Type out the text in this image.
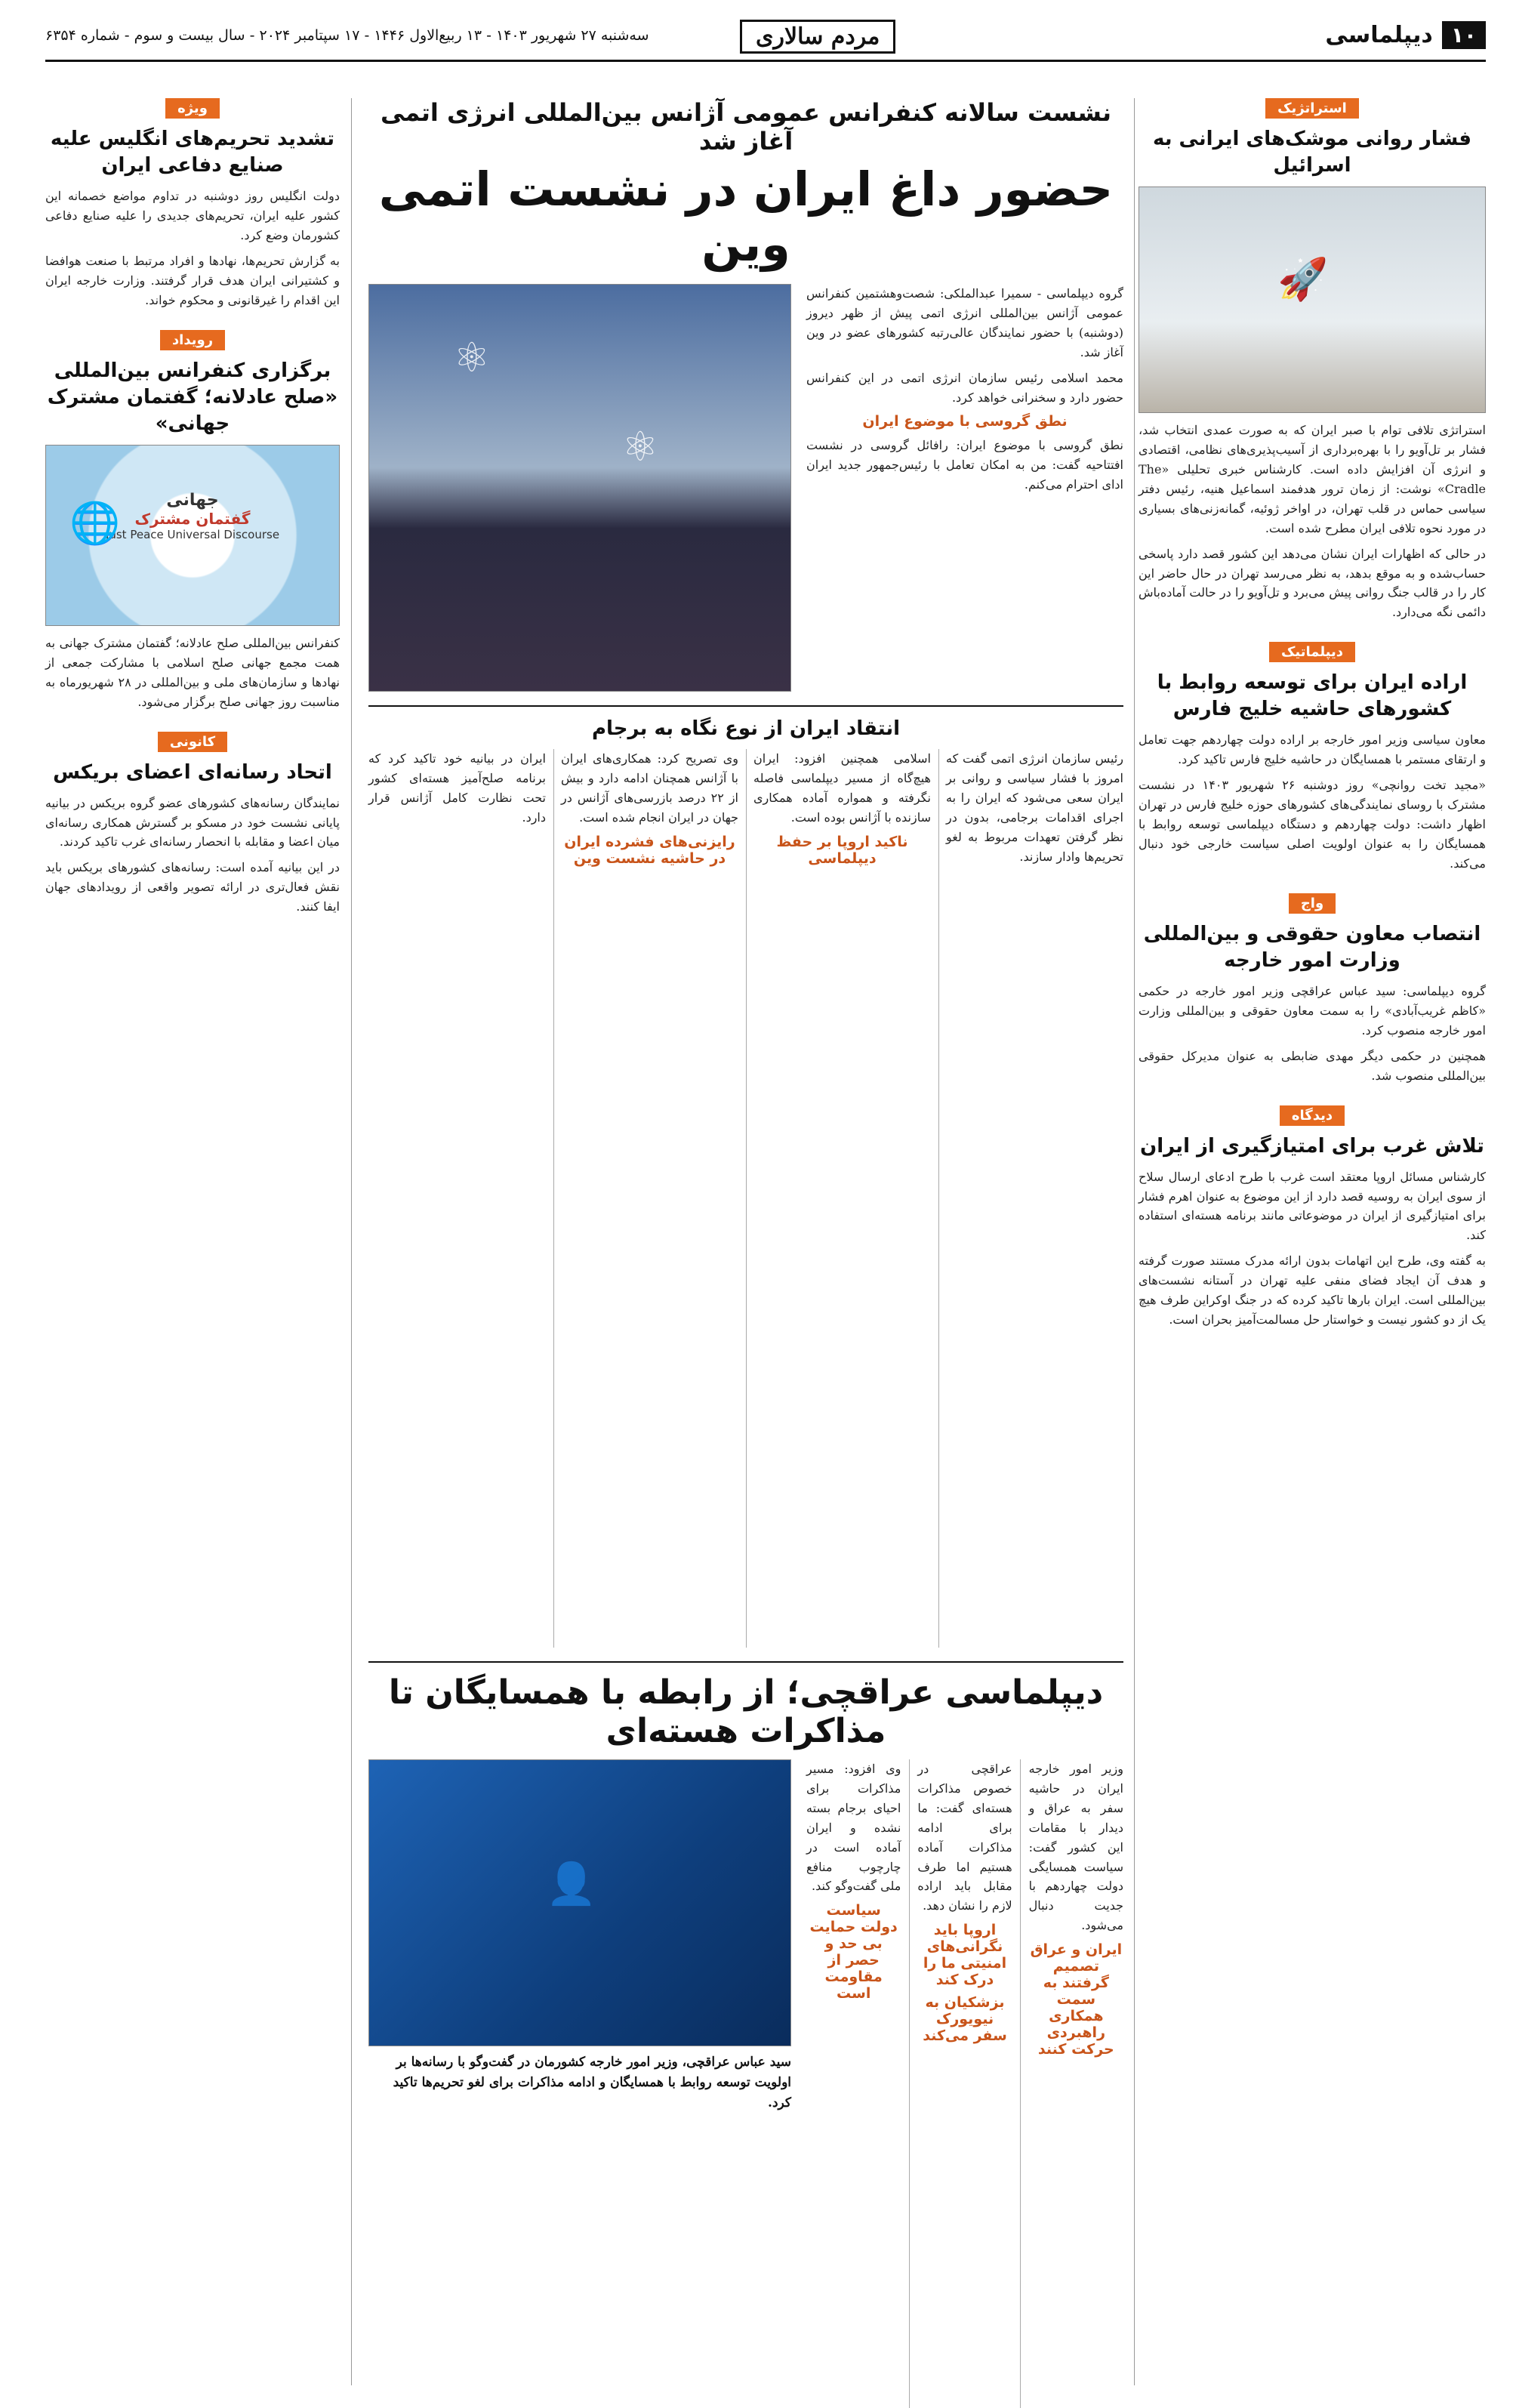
۱۰
دیپلماسی
مردم سالاری
سه‌شنبه ۲۷ شهریور ۱۴۰۳ - ۱۳ ربیع‌الاول ۱۴۴۶ - ۱۷ سپتامبر ۲۰۲۴ - سال بیست و سوم - شماره ۶۳۵۴
استراتژیک
فشار روانی موشک‌های ایرانی به اسرائیل
🚀

استراتژی تلافی توام با صبر ایران که به صورت عمدی انتخاب شد، فشار بر تل‌آویو را با بهره‌برداری از آسیب‌پذیری‌های نظامی، اقتصادی و انرژی آن افزایش داده است. کارشناس خبری تحلیلی «The Cradle» نوشت: از زمان ترور هدفمند اسماعیل هنیه، رئیس دفتر سیاسی حماس در قلب تهران، در اواخر ژوئیه، گمانه‌زنی‌های بسیاری در مورد نحوه تلافی ایران مطرح شده است.

در حالی که اظهارات ایران نشان می‌دهد این کشور قصد دارد پاسخی حساب‌شده و به موقع بدهد، به نظر می‌رسد تهران در حال حاضر این کار را در قالب جنگ روانی پیش می‌برد و تل‌آویو را در حالت آماده‌باش دائمی نگه می‌دارد.

دیپلماتیک
اراده ایران برای توسعه روابط با کشورهای حاشیه خلیج فارس

معاون سیاسی وزیر امور خارجه بر اراده دولت چهاردهم جهت تعامل و ارتقای مستمر با همسایگان در حاشیه خلیج فارس تاکید کرد.

«مجید تخت روانچی» روز دوشنبه ۲۶ شهریور ۱۴۰۳ در نشست مشترک با روسای نمایندگی‌های کشورهای حوزه خلیج فارس در تهران اظهار داشت: دولت چهاردهم و دستگاه دیپلماسی توسعه روابط با همسایگان را به عنوان اولویت اصلی سیاست خارجی خود دنبال می‌کند.

واج
انتصاب معاون حقوقی و بین‌المللی وزارت امور خارجه

گروه دیپلماسی: سید عباس عراقچی وزیر امور خارجه در حکمی «کاظم غریب‌آبادی» را به سمت معاون حقوقی و بین‌المللی وزارت امور خارجه منصوب کرد.

همچنین در حکمی دیگر مهدی ضابطی به عنوان مدیرکل حقوقی بین‌المللی منصوب شد.

دیدگاه
تلاش غرب برای امتیازگیری از ایران

کارشناس مسائل اروپا معتقد است غرب با طرح ادعای ارسال سلاح از سوی ایران به روسیه قصد دارد از این موضوع به عنوان اهرم فشار برای امتیازگیری از ایران در موضوعاتی مانند برنامه هسته‌ای استفاده کند.

به گفته وی، طرح این اتهامات بدون ارائه مدرک مستند صورت گرفته و هدف آن ایجاد فضای منفی علیه تهران در آستانه نشست‌های بین‌المللی است. ایران بارها تاکید کرده که در جنگ اوکراین طرف هیچ یک از دو کشور نیست و خواستار حل مسالمت‌آمیز بحران است.

نشست سالانه کنفرانس عمومی آژانس بین‌المللی انرژی اتمی آغاز شد
حضور داغ ایران در نشست اتمی وین

گروه دیپلماسی - سمیرا عبدالملکی: شصت‌وهشتمین کنفرانس عمومی آژانس بین‌المللی انرژی اتمی پیش از ظهر دیروز (دوشنبه) با حضور نمایندگان عالی‌رتبه کشورهای عضو در وین آغاز شد.

محمد اسلامی رئیس سازمان انرژی اتمی در این کنفرانس حضور دارد و سخنرانی خواهد کرد.

نطق گروسی با موضوع ایران

نطق گروسی با موضوع ایران: رافائل گروسی در نشست افتتاحیه گفت: من به امکان تعامل با رئیس‌جمهور جدید ایران ادای احترام می‌کنم.

⚛
⚛
انتقاد ایران از نوع نگاه به برجام

رئیس سازمان انرژی اتمی گفت که امروز با فشار سیاسی و روانی بر ایران سعی می‌شود که ایران را به اجرای اقدامات برجامی، بدون در نظر گرفتن تعهدات مربوط به لغو تحریم‌ها وادار سازند.

اسلامی همچنین افزود: ایران هیچ‌گاه از مسیر دیپلماسی فاصله نگرفته و همواره آماده همکاری سازنده با آژانس بوده است.

ناکید اروپا بر حفظ دیپلماسی

وی تصریح کرد: همکاری‌های ایران با آژانس همچنان ادامه دارد و بیش از ۲۲ درصد بازرسی‌های آژانس در جهان در ایران انجام شده است.

رایزنی‌های فشرده ایران در حاشیه نشست وین

ایران در بیانیه خود تاکید کرد که برنامه صلح‌آمیز هسته‌ای کشور تحت نظارت کامل آژانس قرار دارد.

دیپلماسی عراقچی؛ از رابطه با همسایگان تا مذاکرات هسته‌ای

وزیر امور خارجه ایران در حاشیه سفر به عراق و دیدار با مقامات این کشور گفت: سیاست همسایگی دولت چهاردهم با جدیت دنبال می‌شود.

ایران و عراق تصمیم گرفتند به سمت همکاری راهبردی حرکت کنند

عراقچی در خصوص مذاکرات هسته‌ای گفت: ما برای ادامه مذاکرات آماده هستیم اما طرف مقابل باید اراده لازم را نشان دهد.

اروپا باید نگرانی‌های امنیتی ما را درک کند
بزشکیان به نیویورک سفر می‌کند

وی افزود: مسیر مذاکرات برای احیای برجام بسته نشده و ایران آماده است در چارچوب منافع ملی گفت‌وگو کند.

سیاست دولت حمایت بی حد و حصر از مقاومت است
👤
سید عباس عراقچی، وزیر امور خارجه کشورمان در گفت‌وگو با رسانه‌ها بر اولویت توسعه روابط با همسایگان و ادامه مذاکرات برای لغو تحریم‌ها تاکید کرد.
ویژه
تشدید تحریم‌های انگلیس علیه صنایع دفاعی ایران

دولت انگلیس روز دوشنبه در تداوم مواضع خصمانه این کشور علیه ایران، تحریم‌های جدیدی را علیه صنایع دفاعی کشورمان وضع کرد.

به گزارش تحریم‌ها، نهادها و افراد مرتبط با صنعت هوافضا و کشتیرانی ایران هدف قرار گرفتند. وزارت خارجه ایران این اقدام را غیرقانونی و محکوم خواند.

رویداد
برگزاری کنفرانس بین‌المللی «صلح عادلانه؛ گفتمان مشترک جهانی»
🌐	جهانی
گفتمان مشترک
Just Peace Universal Discourse

کنفرانس بین‌المللی صلح عادلانه؛ گفتمان مشترک جهانی به همت مجمع جهانی صلح اسلامی با مشارکت جمعی از نهادها و سازمان‌های ملی و بین‌المللی در ۲۸ شهریورماه به مناسبت روز جهانی صلح برگزار می‌شود.

کانونی
اتحاد رسانه‌ای اعضای بریکس

نمایندگان رسانه‌های کشورهای عضو گروه بریکس در بیانیه پایانی نشست خود در مسکو بر گسترش همکاری رسانه‌ای میان اعضا و مقابله با انحصار رسانه‌ای غرب تاکید کردند.

در این بیانیه آمده است: رسانه‌های کشورهای بریکس باید نقش فعال‌تری در ارائه تصویر واقعی از رویدادهای جهان ایفا کنند.
